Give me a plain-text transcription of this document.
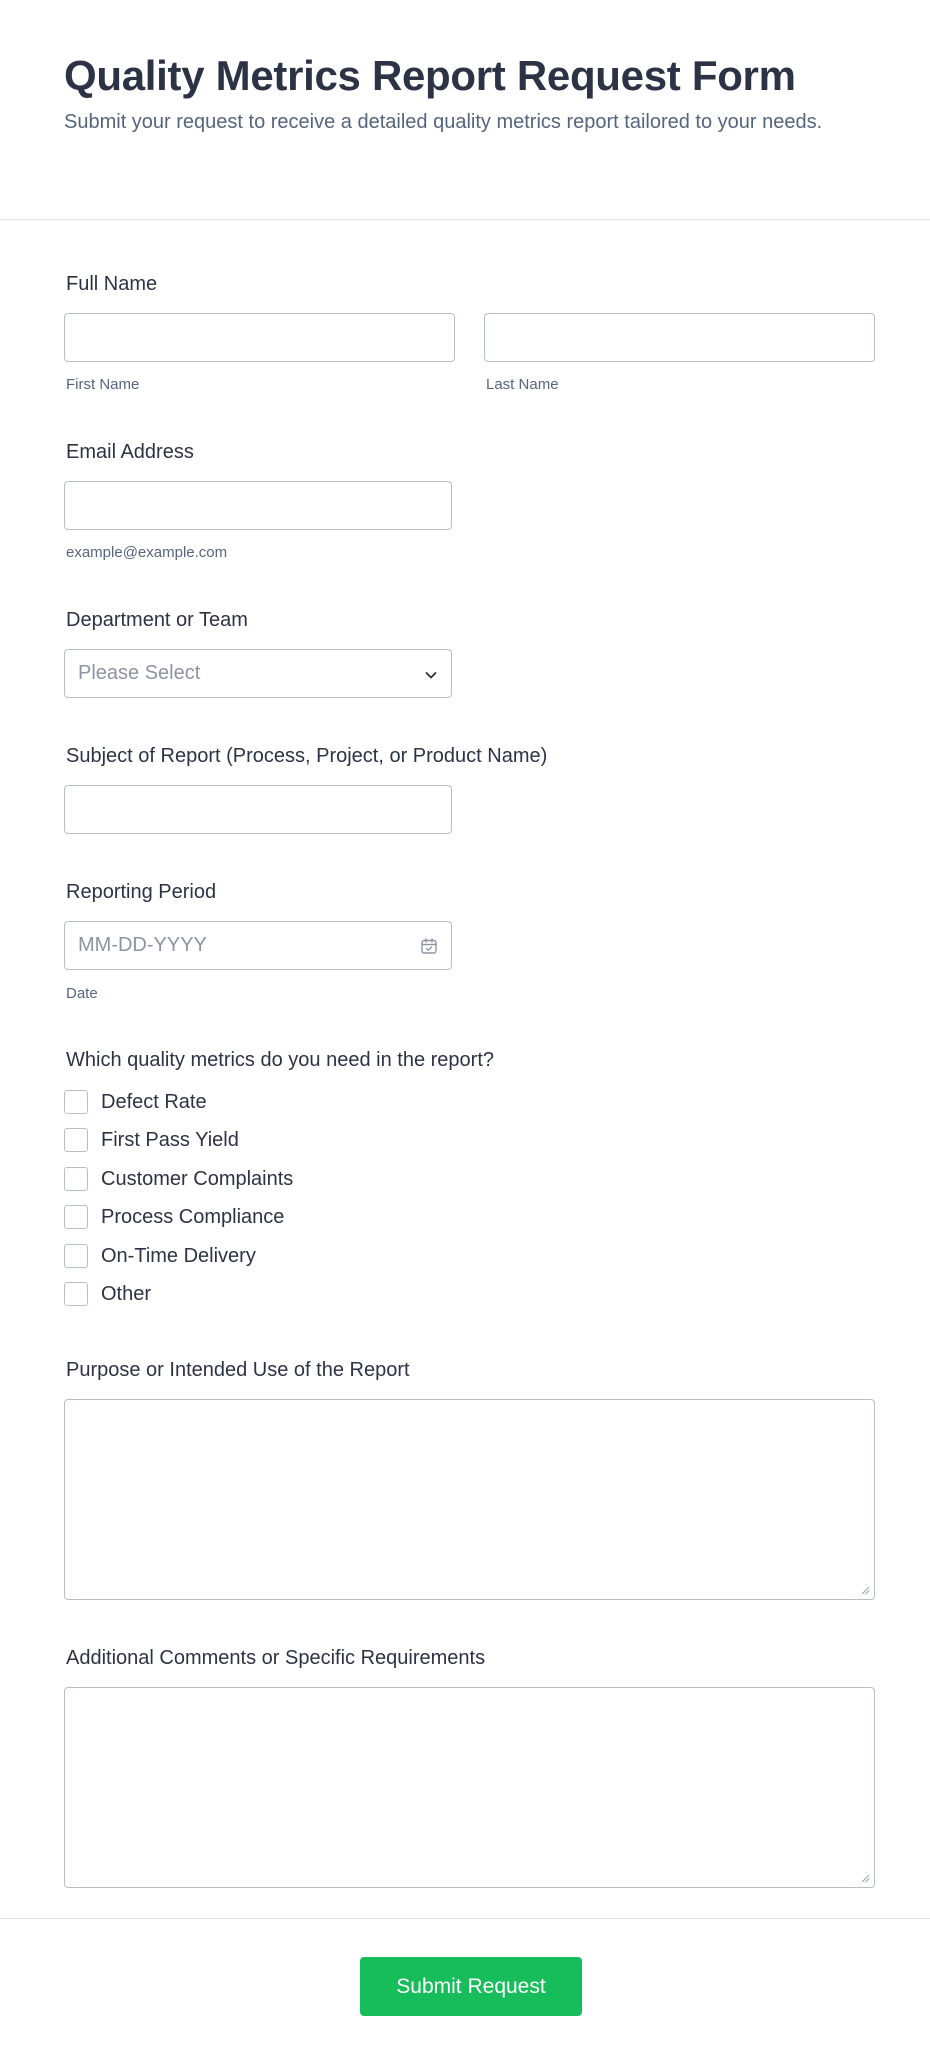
Quality Metrics Report Request Form

Submit your request to receive a detailed quality metrics report tailored to your needs.

Full Name
First Name	Last Name
Email Address
example@example.com
Department or Team
Please Select
Subject of Report (Process, Project, or Product Name)
Reporting Period
MM-DD-YYYY
Date
Which quality metrics do you need in the report?
Defect Rate
First Pass Yield
Customer Complaints
Process Compliance
On-Time Delivery
Other
Purpose or Intended Use of the Report
Additional Comments or Specific Requirements
Submit Request
